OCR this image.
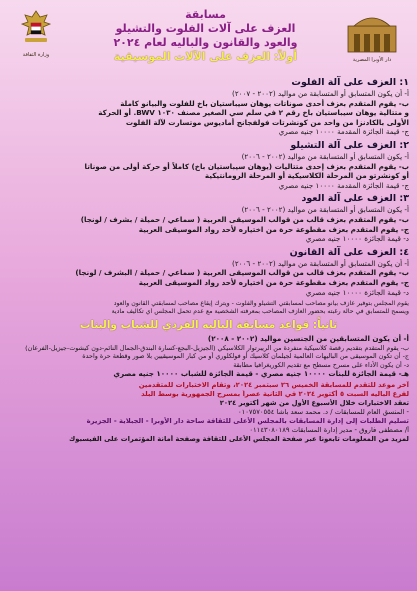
وزارة الثقافة
مسابقة
العزف على آلات الفلوت والتشيلو
والعود والقانون والباليه لعام ٢٠٢٤
أولاً: العزف على الآلات الموسيقية	دار الأوبرا المصرية
١: العزف على آلة الفلوت
أ- أن يكون المتسابق أو المتسابقة من مواليد (٢٠٠٢ - ٢٠٠٧)
ب- يقوم المتقدم بعزف أحدى صوناتات يوهان سيباستيان باخ للفلوت والبيانو كاملة
و متتالية يوهان سيباستيان باخ رقم ٢ في سلم سي الصغير مصنف ١٠٣٠ BWV. أو الحركة
الأولى بالكادنزا من واحد من كونشرتات فولفجانج أماديوس موتسارت لآلة الفلوت
ج- قيمة الجائزة المقدمة ١٠٠٠٠ جنيه مصري
٢: العزف على آلة التشيلو
أ- يكون المتسابق أو المتسابقة من مواليد (٢٠٠٢ - ٢٠٠٦)
ب- يقوم المتقدم بعزف إحدى متتاليات (يوهان سيباستيان باخ) كاملاً أو حركة أولى من صوناتا
أو كونشرتو من المرحلة الكلاسيكية أو المرحلة الرومانتيكية
ج- قيمة الجائزة المقدمة ١٠٠٠٠ جنيه مصري
٣: العزف على آلة العود
أ- يكون المتسابق أو المتسابقة من مواليد (٢٠٠٢ - ٢٠٠٦)
ب- يقوم المتقدم بعزف قالب من قوالب الموسيقى العربية ( سماعي / حميلة / بشرف / لونجا)
ج- يقوم المتقدم بعزف مقطوعة حرة من اختياره لأحد رواد الموسيقى العربية
د- قيمة الجائزة ١٠٠٠٠ جنيه مصري
٤: العزف على آلة القانون
أ- أن يكون المتسابق أو المتسابقة من مواليد (٢٠٠٢ - ٢٠٠٦)
ب- يقوم المتقدم بعزف قالب من قوالب الموسيقى العربية ( سماعي / حميلة / البشرف / لونجا)
ج- يقوم المتقدم بعزف مقطوعة حرة من اختياره لأحد رواد الموسيقى العربية
د- قيمة الجائزة ١٠٠٠٠ جنيه مصري
يقوم المجلس بتوفير عازف بيانو مصاحب لمسابقتي التشيلو والفلوت - ويترك إيقاع مصاحب لمسابقتي القانون والعود
ويسمح للمتسابق في حالة رغبته بحضور العازف المصاحب بمعرفته الشخصية مع عدم تحمل المجلس أي تكاليف مادية
ثانياً: قواعد مسابقة الباليه الفردي للشباب والبنات
أ- أن يكون المتسابقين من الجنسين مواليد (٢٠٠٢ - ٢٠٠٨)
ب- يقوم المتقدم بتقديم رقصة كلاسيكية منفردة من الريبرتوار الكلاسيكي (الجيزيل-البجع-كسارة البندق-الجمال النائم-دون كيشوت-جيزيل-الفرعان)
ج- أن تكون الموسيقى من الباليهات العالمية لجيلمان كلاسيك أو فولكلوري أو من كبار الموسيقيين بلا صور وقطعة حرة واحدة
د- أن يكون الأداء على مسرح مسطح مع تقديم الكوريغرافيا مطابقة
هـ- قيمة الجائزة للبنات ١٠٠٠٠ جنيه مصري - قيمة الجائزة للشباب ١٠٠٠٠ جنيه مصري
آخر موعد للتقدم للمسابقة الخميس ٢٦ سبتمبر ٢٠٢٤، وتقام الاختبارات للمتقدمين
لفرع الباليه السبت ٥ أكتوبر ٢٠٢٤ في الثانية عصراً بمسرح الجمهورية بوسط البلد
تعقد الاختبارات خلال الأسبوع الأول من شهر أكتوبر ٢٠٢٤
- المنسق العام للمسابقات / د. محمد سعد باشا ٠١٠٧٥٧٠٥٥٤
تسليم الطلبات إلى إدارة المسابقات بالمجلس الأعلى للثقافة ساحة دار الأوبرا - الجبلاية - الجزيرة
أ/ مصطفى فاروق - مدير إدارة المسابقات ٠١١٤٣٠٨٠١٨٩
لمزيد من المعلومات تابعونا عبر صفحة المجلس الأعلى للثقافة وصفحة أمانة المؤتمرات على الفيسبوك
